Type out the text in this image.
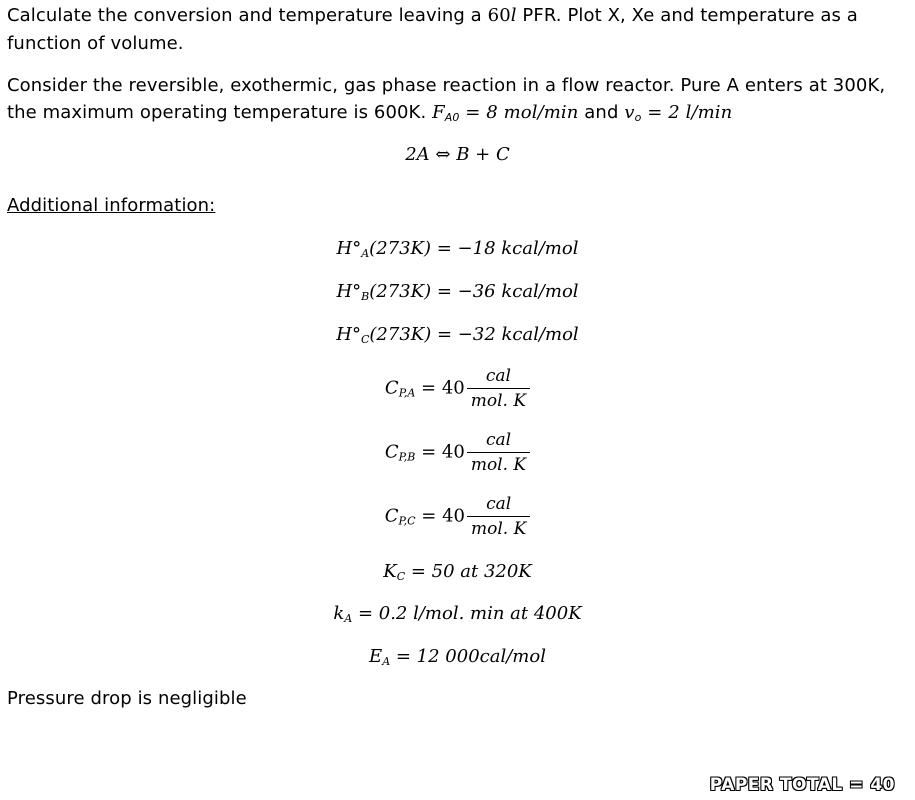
Calculate the conversion and temperature leaving a 60l PFR. Plot X, Xe and temperature as a
function of volume.
Consider the reversible, exothermic, gas phase reaction in a flow reactor. Pure A enters at 300K,
the maximum operating temperature is 600K. $F_{A0} = 8$ mol/min and $v_o = 2$ l/min
2A ⇔ B + C
Additional information:
$H^\circ_A(273K) = -18$ kcal/mol
$H^\circ_B(273K) = -36$ kcal/mol
$H^\circ_C(273K) = -32$ kcal/mol
$C_{P,A} = 40 \frac{\text{cal}}{\text{mol. K}}$
$C_{P,B} = 40 \frac{\text{cal}}{\text{mol. K}}$
$C_{P,C} = 40 \frac{\text{cal}}{\text{mol. K}}$
$K_C = 50$ at 320K
$k_A = 0.2$ l/mol. min at 400K
$E_A = 12$ 000cal/mol
Pressure drop is negligible
PAPER TOTAL = 40
